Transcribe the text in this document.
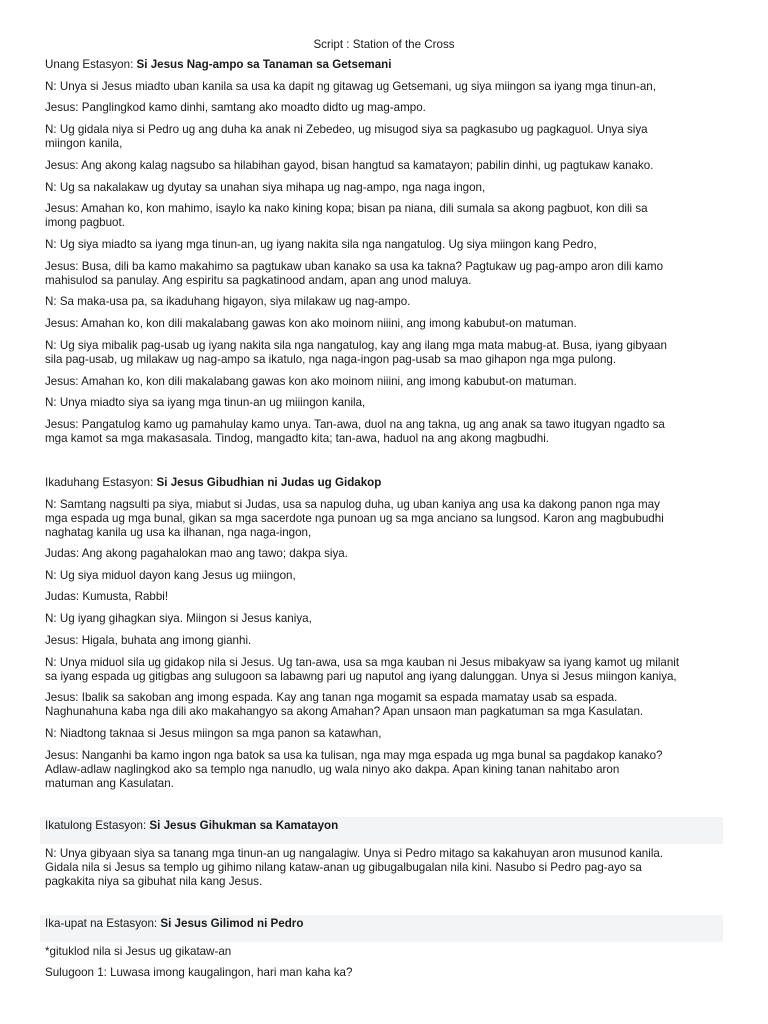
Script : Station of the Cross
Unang Estasyon: Si Jesus Nag-ampo sa Tanaman sa Getsemani
N: Unya si Jesus miadto uban kanila sa usa ka dapit ng gitawag ug Getsemani, ug siya miingon sa iyang mga tinun-an,
Jesus: Panglingkod kamo dinhi, samtang ako moadto didto ug mag-ampo.
N: Ug gidala niya si Pedro ug ang duha ka anak ni Zebedeo, ug misugod siya sa pagkasubo ug pagkaguol. Unya siya
miingon kanila,
Jesus: Ang akong kalag nagsubo sa hilabihan gayod, bisan hangtud sa kamatayon; pabilin dinhi, ug pagtukaw kanako.
N: Ug sa nakalakaw ug dyutay sa unahan siya mihapa ug nag-ampo, nga naga ingon,
Jesus: Amahan ko, kon mahimo, isaylo ka nako kining kopa; bisan pa niana, dili sumala sa akong pagbuot, kon dili sa
imong pagbuot.
N: Ug siya miadto sa iyang mga tinun-an, ug iyang nakita sila nga nangatulog. Ug siya miingon kang Pedro,
Jesus: Busa, dili ba kamo makahimo sa pagtukaw uban kanako sa usa ka takna? Pagtukaw ug pag-ampo aron dili kamo
mahisulod sa panulay. Ang espiritu sa pagkatinood andam, apan ang unod maluya.
N: Sa maka-usa pa, sa ikaduhang higayon, siya milakaw ug nag-ampo.
Jesus: Amahan ko, kon dili makalabang gawas kon ako moinom niiini, ang imong kabubut-on matuman.
N: Ug siya mibalik pag-usab ug iyang nakita sila nga nangatulog, kay ang ilang mga mata mabug-at. Busa, iyang gibyaan
sila pag-usab, ug milakaw ug nag-ampo sa ikatulo, nga naga-ingon pag-usab sa mao gihapon nga mga pulong.
Jesus: Amahan ko, kon dili makalabang gawas kon ako moinom niiini, ang imong kabubut-on matuman.
N: Unya miadto siya sa iyang mga tinun-an ug miiingon kanila,
Jesus: Pangatulog kamo ug pamahulay kamo unya. Tan-awa, duol na ang takna, ug ang anak sa tawo itugyan ngadto sa
mga kamot sa mga makasasala. Tindog, mangadto kita; tan-awa, haduol na ang akong magbudhi.
Ikaduhang Estasyon: Si Jesus Gibudhian ni Judas ug Gidakop
N: Samtang nagsulti pa siya, miabut si Judas, usa sa napulog duha, ug uban kaniya ang usa ka dakong panon nga may
mga espada ug mga bunal, gikan sa mga sacerdote nga punoan ug sa mga anciano sa lungsod. Karon ang magbubudhi
naghatag kanila ug usa ka ilhanan, nga naga-ingon,
Judas: Ang akong pagahalokan mao ang tawo; dakpa siya.
N: Ug siya miduol dayon kang Jesus ug miingon,
Judas: Kumusta, Rabbi!
N: Ug iyang gihagkan siya. Miingon si Jesus kaniya,
Jesus: Higala, buhata ang imong gianhi.
N: Unya miduol sila ug gidakop nila si Jesus. Ug tan-awa, usa sa mga kauban ni Jesus mibakyaw sa iyang kamot ug milanit
sa iyang espada ug gitigbas ang sulugoon sa labawng pari ug naputol ang iyang dalunggan. Unya si Jesus miingon kaniya,
Jesus: Ibalik sa sakoban ang imong espada. Kay ang tanan nga mogamit sa espada mamatay usab sa espada.
Naghunahuna kaba nga dili ako makahangyo sa akong Amahan? Apan unsaon man pagkatuman sa mga Kasulatan.
N: Niadtong taknaa si Jesus miingon sa mga panon sa katawhan,
Jesus: Nanganhi ba kamo ingon nga batok sa usa ka tulisan, nga may mga espada ug mga bunal sa pagdakop kanako?
Adlaw-adlaw naglingkod ako sa templo nga nanudlo, ug wala ninyo ako dakpa. Apan kining tanan nahitabo aron
matuman ang Kasulatan.
Ikatulong Estasyon: Si Jesus Gihukman sa Kamatayon
N: Unya gibyaan siya sa tanang mga tinun-an ug nangalagiw. Unya si Pedro mitago sa kakahuyan aron musunod kanila.
Gidala nila si Jesus sa templo ug gihimo nilang kataw-anan ug gibugalbugalan nila kini. Nasubo si Pedro pag-ayo sa
pagkakita niya sa gibuhat nila kang Jesus.
Ika-upat na Estasyon: Si Jesus Gilimod ni Pedro
*gituklod nila si Jesus ug gikataw-an
Sulugoon 1: Luwasa imong kaugalingon, hari man kaha ka?
